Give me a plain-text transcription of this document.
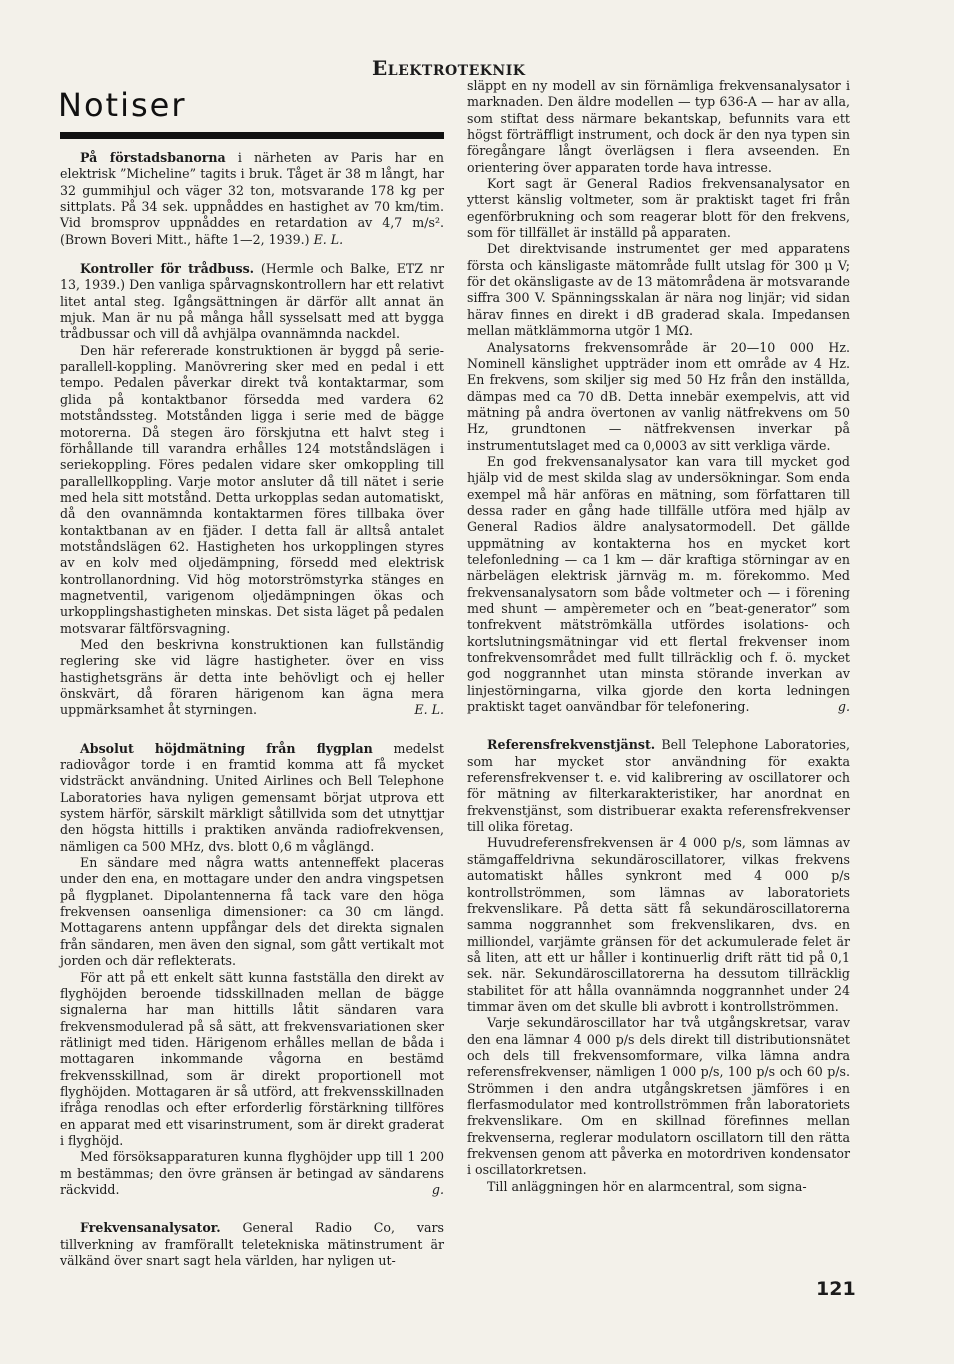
Elektroteknik
Notiser

På förstadsbanorna i närheten av Paris har en elektrisk ”Micheline” tagits i bruk. Tåget är 38 m långt, har 32 gummihjul och väger 32 ton, motsvarande 178 kg per sittplats. På 34 sek. uppnåddes en hastighet av 70 km/tim. Vid bromsprov uppnåddes en retardation av 4,7 m/s². (Brown Boveri Mitt., häfte 1—2, 1939.) E. L.

Kontroller för trådbuss. (Hermle och Balke, ETZ nr 13, 1939.) Den vanliga spårvagnskontrollern har ett relativt litet antal steg. Igångsättningen är därför allt annat än mjuk. Man är nu på många håll sysselsatt med att bygga trådbussar och vill då avhjälpa ovannämnda nackdel.

Den här refererade konstruktionen är byggd på serie-parallell-koppling. Manövrering sker med en pedal i ett tempo. Pedalen påverkar direkt två kontaktarmar, som glida på kontaktbanor försedda med vardera 62 motståndssteg. Motstånden ligga i serie med de bägge motorerna. Då stegen äro förskjutna ett halvt steg i förhållande till varandra erhålles 124 motståndslägen i seriekoppling. Föres pedalen vidare sker omkoppling till parallellkoppling. Varje motor ansluter då till nätet i serie med hela sitt motstånd. Detta urkopplas sedan automatiskt, då den ovannämnda kontaktarmen föres tillbaka över kontaktbanan av en fjäder. I detta fall är alltså antalet motståndslägen 62. Hastigheten hos urkopplingen styres av en kolv med oljedämpning, försedd med elektrisk kontrollanordning. Vid hög motorströmstyrka stänges en magnetventil, varigenom oljedämpningen ökas och urkopplingshastigheten minskas. Det sista läget på pedalen motsvarar fältförsvagning.

Med den beskrivna konstruktionen kan fullständig reglering ske vid lägre hastigheter. över en viss hastighetsgräns är detta inte behövligt och ej heller önskvärt, då föraren härigenom kan ägna mera uppmärksamhet åt styrningen.	E. L.

Absolut höjdmätning från flygplan medelst radiovågor torde i en framtid komma att få mycket vidsträckt användning. United Airlines och Bell Telephone Laboratories hava nyligen gemensamt börjat utprova ett system härför, särskilt märkligt såtillvida som det utnyttjar den högsta hittills i praktiken använda radiofrekvensen, nämligen ca 500 MHz, dvs. blott 0,6 m våglängd.

En sändare med några watts antenneffekt placeras under den ena, en mottagare under den andra vingspetsen på flygplanet. Dipolantennerna få tack vare den höga frekvensen oansenliga dimensioner: ca 30 cm längd. Mottagarens antenn uppfångar dels det direkta signalen från sändaren, men även den signal, som gått vertikalt mot jorden och där reflekterats.

För att på ett enkelt sätt kunna fastställa den direkt av flyghöjden beroende tidsskillnaden mellan de bägge signalerna har man hittills låtit sändaren vara frekvensmodulerad på så sätt, att frekvensvariationen sker rätlinigt med tiden. Härigenom erhålles mellan de båda i mottagaren inkommande vågorna en bestämd frekvensskillnad, som är direkt proportionell mot flyghöjden. Mottagaren är så utförd, att frekvensskillnaden ifråga renodlas och efter erforderlig förstärkning tillföres en apparat med ett visarinstrument, som är direkt graderat i flyghöjd.

Med försöksapparaturen kunna flyghöjder upp till 1 200 m bestämmas; den övre gränsen är betingad av sändarens räckvidd.	g.

Frekvensanalysator. General Radio Co, vars tillverkning av framförallt teletekniska mätinstrument är välkänd över snart sagt hela världen, har nyligen ut-

släppt en ny modell av sin förnämliga frekvensanalysator i marknaden. Den äldre modellen — typ 636-A — har av alla, som stiftat dess närmare bekantskap, befunnits vara ett högst förträffligt instrument, och dock är den nya typen sin föregångare långt överlägsen i flera avseenden. En orientering över apparaten torde hava intresse.

Kort sagt är General Radios frekvensanalysator en ytterst känslig voltmeter, som är praktiskt taget fri från egenförbrukning och som reagerar blott för den frekvens, som för tillfället är inställd på apparaten.

Det direktvisande instrumentet ger med apparatens första och känsligaste mätområde fullt utslag för 300 μ V; för det okänsligaste av de 13 mätområdena är motsvarande siffra 300 V. Spänningsskalan är nära nog linjär; vid sidan härav finnes en direkt i dB graderad skala. Impedansen mellan mätklämmorna utgör 1 MΩ.

Analysatorns frekvensområde är 20—10 000 Hz. Nominell känslighet uppträder inom ett område av 4 Hz. En frekvens, som skiljer sig med 50 Hz från den inställda, dämpas med ca 70 dB. Detta innebär exempelvis, att vid mätning på andra övertonen av vanlig nätfrekvens om 50 Hz, grundtonen — nätfrekvensen inverkar på instrumentutslaget med ca 0,0003 av sitt verkliga värde.

En god frekvensanalysator kan vara till mycket god hjälp vid de mest skilda slag av undersökningar. Som enda exempel må här anföras en mätning, som författaren till dessa rader en gång hade tillfälle utföra med hjälp av General Radios äldre analysatormodell. Det gällde uppmätning av kontakterna hos en mycket kort telefonledning — ca 1 km — där kraftiga störningar av en närbelägen elektrisk järnväg m. m. förekommo. Med frekvensanalysatorn som både voltmeter och — i förening med shunt — ampèremeter och en ”beat-generator” som tonfrekvent mätströmkälla utfördes isolations- och kortslutningsmätningar vid ett flertal frekvenser inom tonfrekvensområdet med fullt tillräcklig och f. ö. mycket god noggrannhet utan minsta störande inverkan av linjestörningarna, vilka gjorde den korta ledningen praktiskt taget oanvändbar för telefonering.	g.

Referensfrekvenstjänst. Bell Telephone Laboratories, som har mycket stor användning för exakta referensfrekvenser t. e. vid kalibrering av oscillatorer och för mätning av filterkarakteristiker, har anordnat en frekvenstjänst, som distribuerar exakta referensfrekvenser till olika företag.

Huvudreferensfrekvensen är 4 000 p/s, som lämnas av stämgaffeldrivna sekundäroscillatorer, vilkas frekvens automatiskt hålles synkront med 4 000 p/s kontrollströmmen, som lämnas av laboratoriets frekvenslikare. På detta sätt få sekundäroscillatorerna samma noggrannhet som frekvenslikaren, dvs. en milliondel, varjämte gränsen för det ackumulerade felet är så liten, att ett ur håller i kontinuerlig drift rätt tid på 0,1 sek. när. Sekundäroscillatorerna ha dessutom tillräcklig stabilitet för att hålla ovannämnda noggrannhet under 24 timmar även om det skulle bli avbrott i kontrollströmmen.

Varje sekundäroscillator har två utgångskretsar, varav den ena lämnar 4 000 p/s dels direkt till distributionsnätet och dels till frekvensomformare, vilka lämna andra referensfrekvenser, nämligen 1 000 p/s, 100 p/s och 60 p/s. Strömmen i den andra utgångskretsen jämföres i en flerfasmodulator med kontrollströmmen från laboratoriets frekvenslikare. Om en skillnad förefinnes mellan frekvenserna, reglerar modulatorn oscillatorn till den rätta frekvensen genom att påverka en motordriven kondensator i oscillatorkretsen.

Till anläggningen hör en alarmcentral, som signa-

121
